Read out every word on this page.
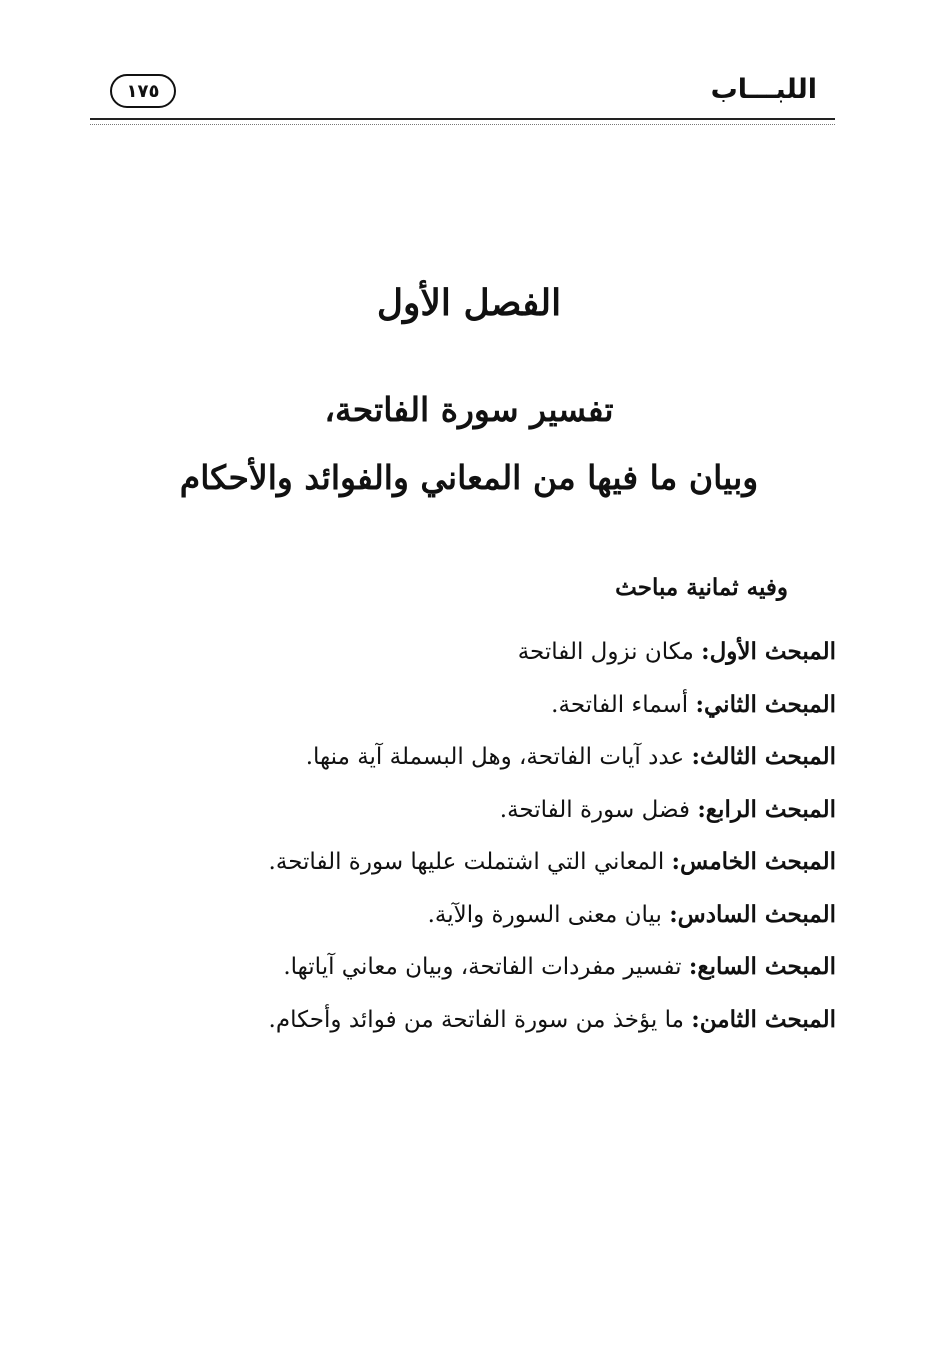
اللبـــاب
١٧٥
الفصل الأول
تفسير سورة الفاتحة،
وبيان ما فيها من المعاني والفوائد والأحكام
وفيه ثمانية مباحث
المبحث الأول: مكان نزول الفاتحة
المبحث الثاني: أسماء الفاتحة.
المبحث الثالث: عدد آيات الفاتحة، وهل البسملة آية منها.
المبحث الرابع: فضل سورة الفاتحة.
المبحث الخامس: المعاني التي اشتملت عليها سورة الفاتحة.
المبحث السادس: بيان معنى السورة والآية.
المبحث السابع: تفسير مفردات الفاتحة، وبيان معاني آياتها.
المبحث الثامن: ما يؤخذ من سورة الفاتحة من فوائد وأحكام.
